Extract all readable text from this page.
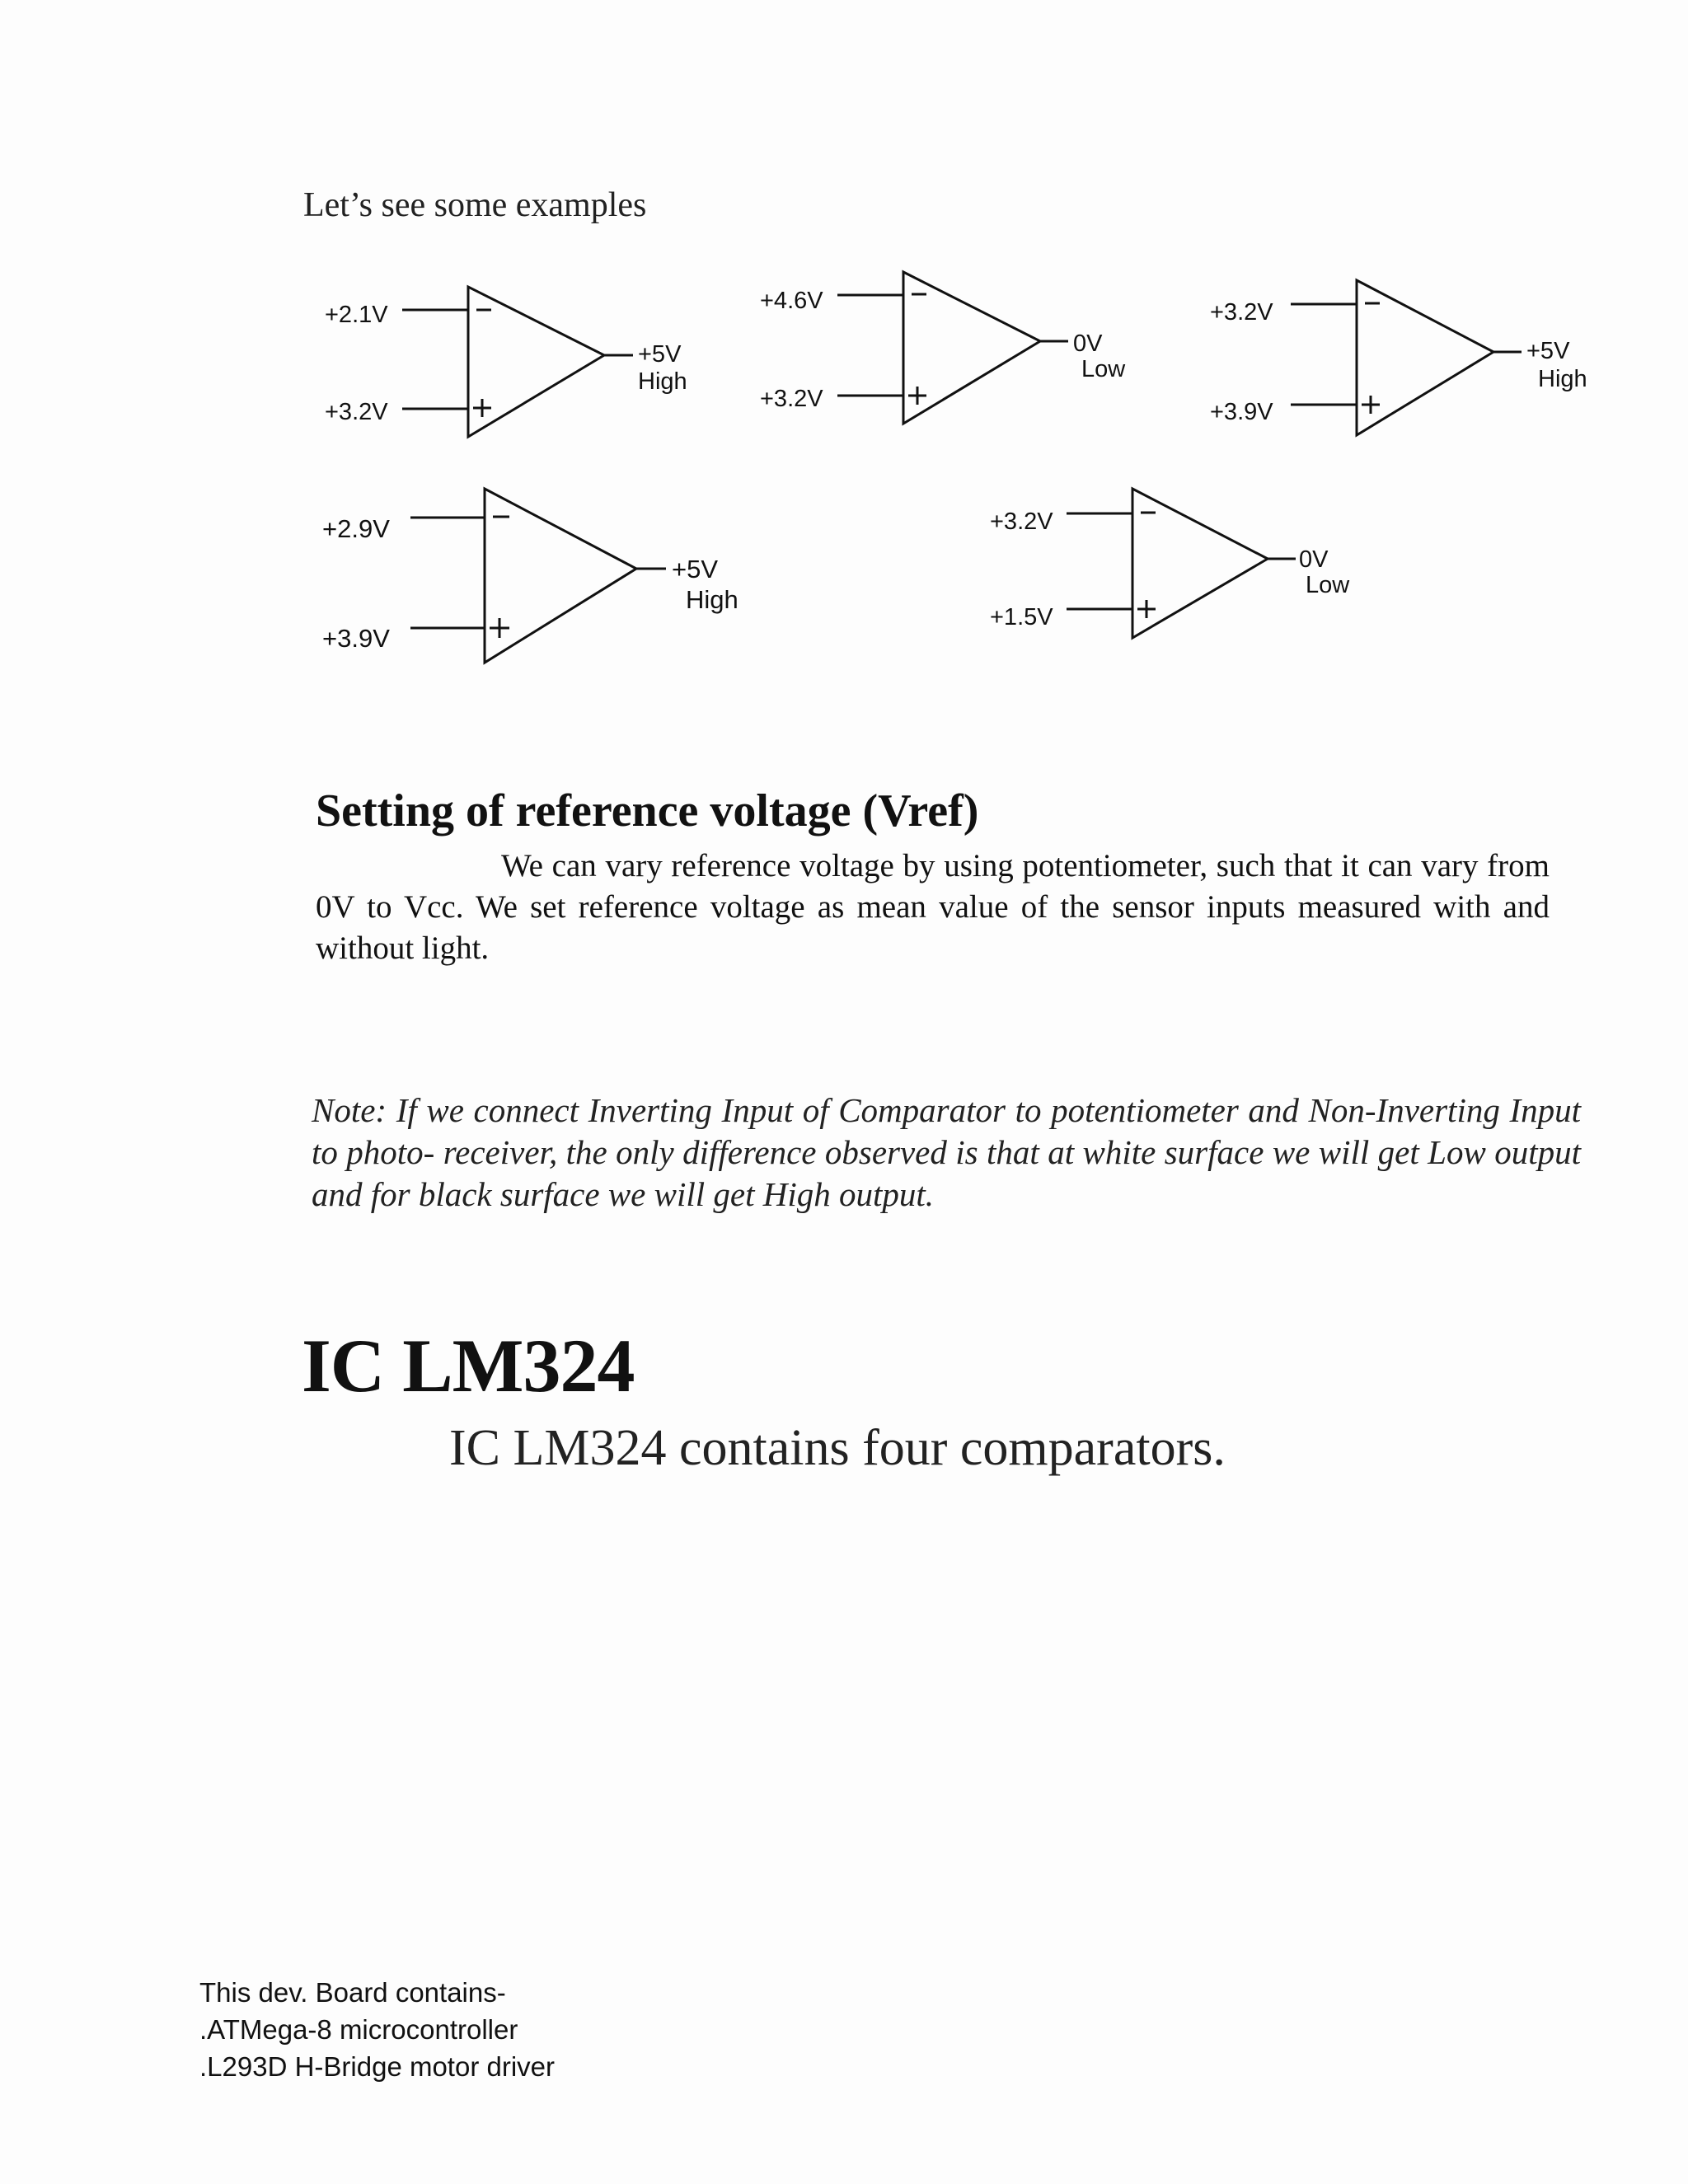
Let’s see some examples
+2.1V
+3.2V
+5V
High
+4.6V
+3.2V
0V
Low
+3.2V
+3.9V
+5V
High
+2.9V
+3.9V
+5V
High
+3.2V
+1.5V
0V
Low
Setting of reference voltage (Vref)

We can vary reference voltage by using potentiometer, such that it can vary from 0V to Vcc. We set reference voltage as mean value of the sensor inputs measured with and without light.

Note: If we connect Inverting Input of Comparator to potentiometer and Non-Inverting Input to photo- receiver, the only difference observed is that at white surface we will get Low output and for black surface we will get High output.

IC LM324
IC LM324 contains four comparators.
This dev. Board contains-
.ATMega-8 microcontroller
.L293D H-Bridge motor driver
